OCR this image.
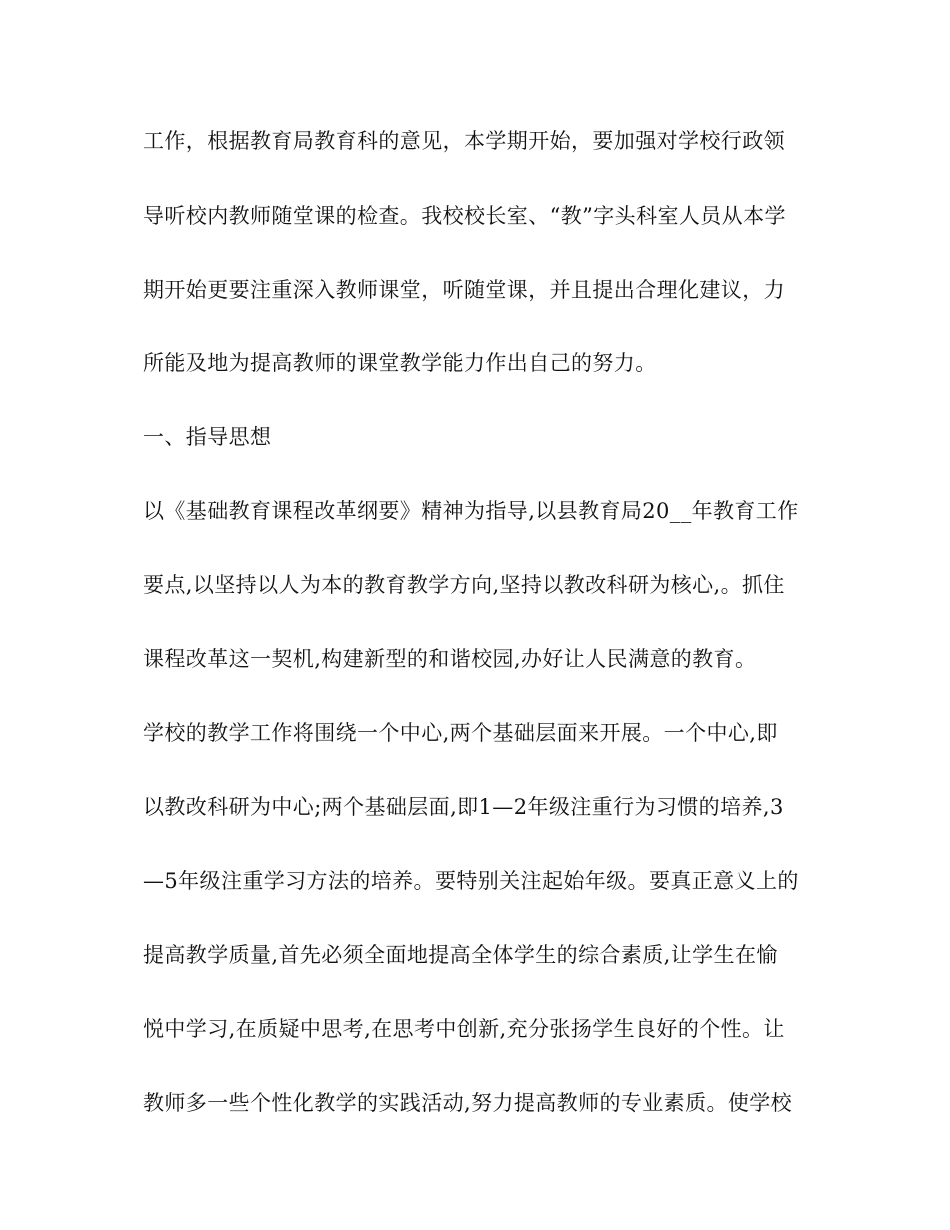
工作，根据教育局教育科的意见，本学期开始，要加强对学校行政领
导听校内教师随堂课的检查。我校校长室、“教”字头科室人员从本学
期开始更要注重深入教师课堂，听随堂课，并且提出合理化建议，力
所能及地为提高教师的课堂教学能力作出自己的努力。
一、指导思想
以《基础教育课程改革纲要》精神为指导,以县教育局20__年教育工作
要点,以坚持以人为本的教育教学方向,坚持以教改科研为核心,。抓住
课程改革这一契机,构建新型的和谐校园,办好让人民满意的教育。
学校的教学工作将围绕一个中心,两个基础层面来开展。一个中心,即
以教改科研为中心;两个基础层面,即1—2年级注重行为习惯的培养,3
—5年级注重学习方法的培养。要特别关注起始年级。要真正意义上的
提高教学质量,首先必须全面地提高全体学生的综合素质,让学生在愉
悦中学习,在质疑中思考,在思考中创新,充分张扬学生良好的个性。让
教师多一些个性化教学的实践活动,努力提高教师的专业素质。使学校
